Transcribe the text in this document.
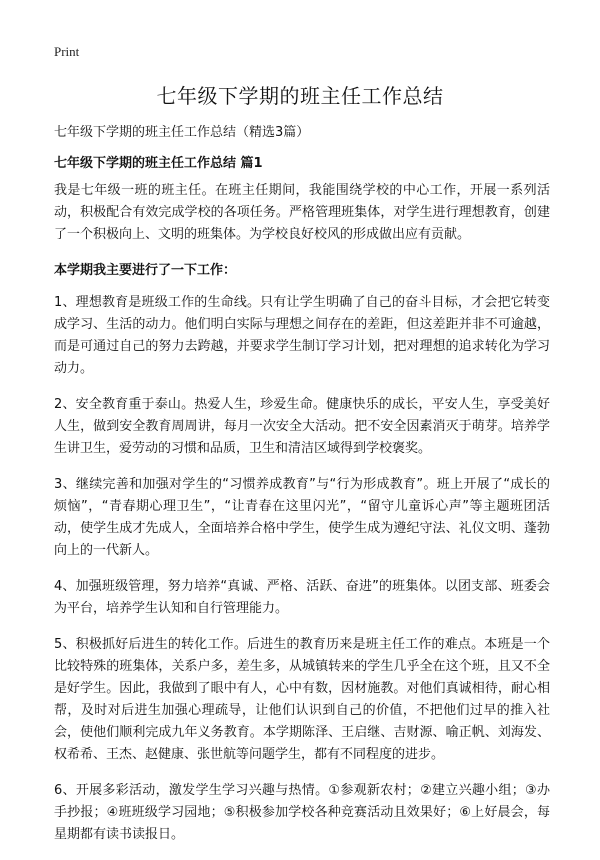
Print
七年级下学期的班主任工作总结
七年级下学期的班主任工作总结（精选3篇）
七年级下学期的班主任工作总结 篇1

我是七年级一班的班主任。在班主任期间，我能围绕学校的中心工作，开展一系列活动，积极配合有效完成学校的各项任务。严格管理班集体，对学生进行理想教育，创建了一个积极向上、文明的班集体。为学校良好校风的形成做出应有贡献。

本学期我主要进行了一下工作：

1、理想教育是班级工作的生命线。只有让学生明确了自己的奋斗目标，才会把它转变成学习、生活的动力。他们明白实际与理想之间存在的差距，但这差距并非不可逾越，而是可通过自己的努力去跨越，并要求学生制订学习计划，把对理想的追求转化为学习动力。

2、安全教育重于泰山。热爱人生，珍爱生命。健康快乐的成长，平安人生，享受美好人生，做到安全教育周周讲，每月一次安全大活动。把不安全因素消灭于萌芽。培养学生讲卫生，爱劳动的习惯和品质，卫生和清洁区域得到学校褒奖。

3、继续完善和加强对学生的“习惯养成教育”与“行为形成教育”。班上开展了“成长的烦恼”，“青春期心理卫生”，“让青春在这里闪光”，“留守儿童诉心声”等主题班团活动，使学生成才先成人，全面培养合格中学生，使学生成为遵纪守法、礼仪文明、蓬勃向上的一代新人。

4、加强班级管理，努力培养“真诚、严格、活跃、奋进”的班集体。以团支部、班委会为平台，培养学生认知和自行管理能力。

5、积极抓好后进生的转化工作。后进生的教育历来是班主任工作的难点。本班是一个比较特殊的班集体，关系户多，差生多，从城镇转来的学生几乎全在这个班，且又不全是好学生。因此，我做到了眼中有人，心中有数，因材施教。对他们真诚相待，耐心相帮，及时对后进生加强心理疏导，让他们认识到自己的价值，不把他们过早的推入社会，使他们顺利完成九年义务教育。本学期陈泽、王启继、吉财源、喻正帆、刘海发、权希希、王杰、赵健康、张世航等问题学生，都有不同程度的进步。

6、开展多彩活动，激发学生学习兴趣与热情。①参观新农村；②建立兴趣小组；③办手抄报；④班班级学习园地；⑤积极参加学校各种竞赛活动且效果好；⑥上好晨会，每星期都有读书读报日。
